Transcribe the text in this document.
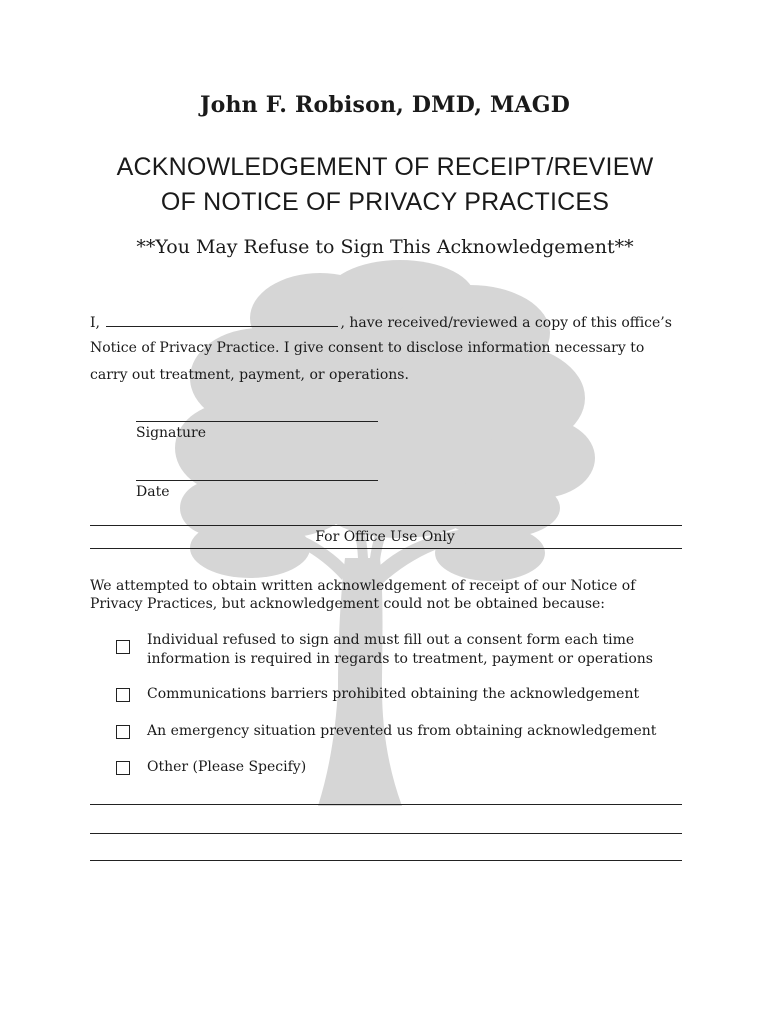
John F. Robison, DMD, MAGD
ACKNOWLEDGEMENT OF RECEIPT/REVIEW
OF NOTICE OF PRIVACY PRACTICES
**You May Refuse to Sign This Acknowledgement**
I,	, have received/reviewed a copy of this office’s
Notice of Privacy Practice. I give consent to disclose information necessary to
carry out treatment, payment, or operations.
Signature
Date
For Office Use Only
We attempted to obtain written acknowledgement of receipt of our Notice of
Privacy Practices, but acknowledgement could not be obtained because:
Individual refused to sign and must fill out a consent form each time
information is required in regards to treatment, payment or operations
Communications barriers prohibited obtaining the acknowledgement
An emergency situation prevented us from obtaining acknowledgement
Other (Please Specify)
